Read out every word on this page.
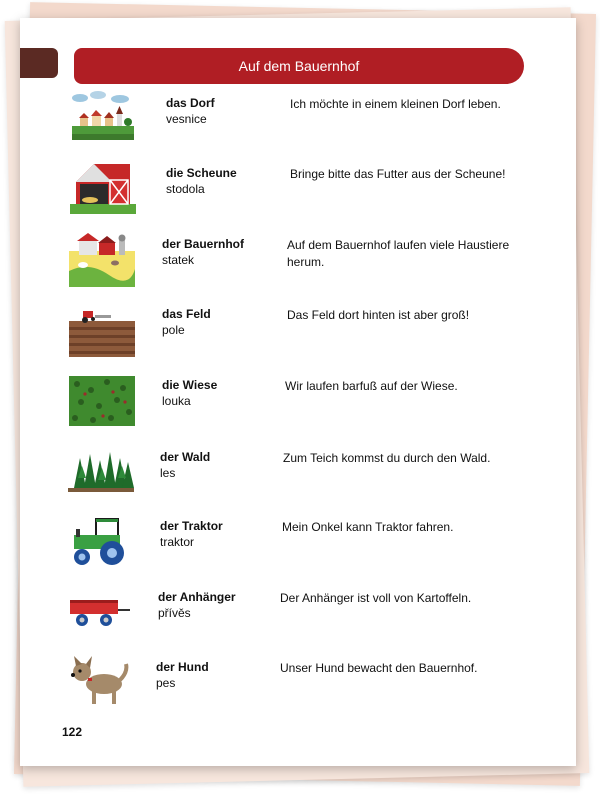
Auf dem Bauernhof
das Dorf
vesnice
Ich möchte in einem kleinen Dorf leben.
die Scheune
stodola
Bringe bitte das Futter aus der Scheune!
der Bauernhof
statek
Auf dem Bauernhof laufen viele Haustiere herum.
das Feld
pole
Das Feld dort hinten ist aber groß!
die Wiese
louka
Wir laufen barfuß auf der Wiese.
der Wald
les
Zum Teich kommst du durch den Wald.
der Traktor
traktor
Mein Onkel kann Traktor fahren.
der Anhänger
přívěs
Der Anhänger ist voll von Kartoffeln.
der Hund
pes
Unser Hund bewacht den Bauernhof.
122
